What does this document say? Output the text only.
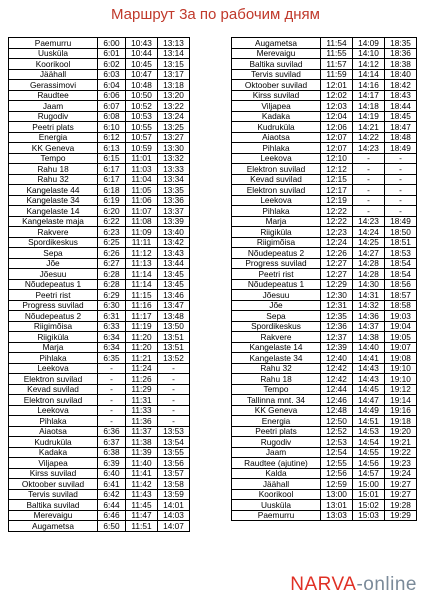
Маршрут 3а по рабочим дням
Paemurru	6:00	10:43	13:13
Uusküla	6:01	10:44	13:14
Koorikool	6:02	10:45	13:15
Jäähall	6:03	10:47	13:17
Gerassimovi	6:04	10:48	13:18
Raudtee	6:06	10:50	13:20
Jaam	6:07	10:52	13:22
Rugodiv	6:08	10:53	13:24
Peetri plats	6:10	10:55	13:25
Energia	6:12	10:57	13:27
KK Geneva	6:13	10:59	13:30
Tempo	6:15	11:01	13:32
Rahu 18	6:17	11:03	13:33
Rahu 32	6:17	11:04	13:34
Kangelaste 44	6:18	11:05	13:35
Kangelaste 34	6:19	11:06	13:36
Kangelaste 14	6:20	11:07	13:37
Kangelaste maja	6:22	11:08	13:39
Rakvere	6:23	11:09	13:40
Spordikeskus	6:25	11:11	13:42
Sepa	6:26	11:12	13:43
Jõe	6:27	11:13	13:44
Jõesuu	6:28	11:14	13:45
Nõudepeatus 1	6:28	11:14	13:45
Peetri rist	6:29	11:15	13:46
Progress suvilad	6:30	11:16	13:47
Nõudepeatus 2	6:31	11:17	13:48
Riigimõisa	6:33	11:19	13:50
Riigiküla	6:34	11:20	13:51
Marja	6:34	11:20	13:51
Pihlaka	6:35	11:21	13:52
Leekova	-	11:24	-
Elektron suvilad	-	11:26	-
Kevad suvilad	-	11:29	-
Elektron suvilad	-	11:31	-
Leekova	-	11:33	-
Pihlaka	-	11:36	-
Aiaotsa	6:36	11:37	13:53
Kudruküla	6:37	11:38	13:54
Kadaka	6:38	11:39	13:55
Viljapea	6:39	11:40	13:56
Kirss suvilad	6:40	11:41	13:57
Oktoober suvilad	6:41	11:42	13:58
Tervis suvilad	6:42	11:43	13:59
Baltika suvilad	6:44	11:45	14:01
Merevaigu	6:46	11:47	14:03
Augametsa	6:50	11:51	14:07
Augametsa	11:54	14:09	18:35
Merevaigu	11:55	14:10	18:36
Baltika suvilad	11:57	14:12	18:38
Tervis suvilad	11:59	14:14	18:40
Oktoober suvilad	12:01	14:16	18:42
Kirss suvilad	12:02	14:17	18:43
Viljapea	12:03	14:18	18:44
Kadaka	12:04	14:19	18:45
Kudruküla	12:06	14:21	18:47
Aiaotsa	12:07	14:22	18:48
Pihlaka	12:07	14:23	18:49
Leekova	12:10	-	-
Elektron suvilad	12:12	-	-
Kevad suvilad	12:15	-	-
Elektron suvilad	12:17	-	-
Leekova	12:19	-	-
Pihlaka	12:22	-	-
Marja	12:22	14:23	18:49
Riigiküla	12:23	14:24	18:50
Riigimõisa	12:24	14:25	18:51
Nõudepeatus 2	12:26	14:27	18:53
Progress suvilad	12:27	14:28	18:54
Peetri rist	12:27	14:28	18:54
Nõudepeatus 1	12:29	14:30	18:56
Jõesuu	12:30	14:31	18:57
Jõe	12:31	14:32	18:58
Sepa	12:35	14:36	19:03
Spordikeskus	12:36	14:37	19:04
Rakvere	12:37	14:38	19:05
Kangelaste 14	12:39	14:40	19:07
Kangelaste 34	12:40	14:41	19:08
Rahu 32	12:42	14:43	19:10
Rahu 18	12:42	14:43	19:10
Tempo	12:44	14:45	19:12
Tallinna mnt. 34	12:46	14:47	19:14
KK Geneva	12:48	14:49	19:16
Energia	12:50	14:51	19:18
Peetri plats	12:52	14:53	19:20
Rugodiv	12:53	14:54	19:21
Jaam	12:54	14:55	19:22
Raudtee (ajutine)	12:55	14:56	19:23
Kalda	12:56	14:57	19:24
Jäähall	12:59	15:00	19:27
Koorikool	13:00	15:01	19:27
Uusküla	13:01	15:02	19:28
Paemurru	13:03	15:03	19:29
NARVA-online
